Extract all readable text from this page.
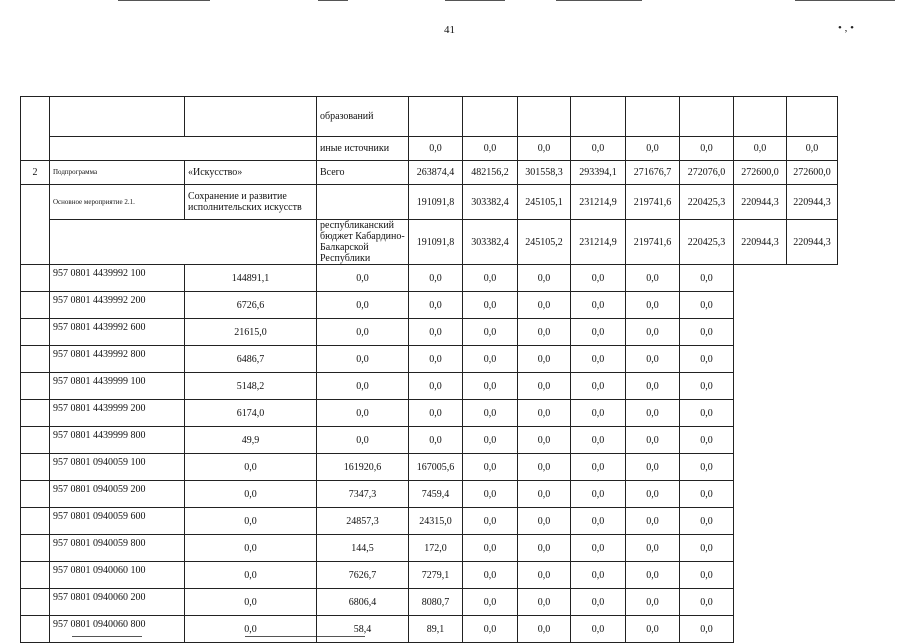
41	• , •
			образований								
			иные источники	0,0	0,0	0,0	0,0	0,0	0,0	0,0	0,0
2	Подпрограмма	«Искусство»	Всего	263874,4	482156,2	301558,3	293394,1	271676,7	272076,0	272600,0	272600,0
	Основное мероприятие 2.1.	Сохранение и развитие исполнительских искусств		191091,8	303382,4	245105,1	231214,9	219741,6	220425,3	220944,3	220944,3
			республиканский бюджет Кабардино-Балкарской Республики	191091,8	303382,4	245105,2	231214,9	219741,6	220425,3	220944,3	220944,3
	957 0801 4439992 100	144891,1	0,0	0,0	0,0	0,0	0,0	0,0	0,0		
	957 0801 4439992 200	6726,6	0,0	0,0	0,0	0,0	0,0	0,0	0,0		
	957 0801 4439992 600	21615,0	0,0	0,0	0,0	0,0	0,0	0,0	0,0		
	957 0801 4439992 800	6486,7	0,0	0,0	0,0	0,0	0,0	0,0	0,0		
	957 0801 4439999 100	5148,2	0,0	0,0	0,0	0,0	0,0	0,0	0,0		
	957 0801 4439999 200	6174,0	0,0	0,0	0,0	0,0	0,0	0,0	0,0		
	957 0801 4439999 800	49,9	0,0	0,0	0,0	0,0	0,0	0,0	0,0		
	957 0801 0940059 100	0,0	161920,6	167005,6	0,0	0,0	0,0	0,0	0,0		
	957 0801 0940059 200	0,0	7347,3	7459,4	0,0	0,0	0,0	0,0	0,0		
	957 0801 0940059 600	0,0	24857,3	24315,0	0,0	0,0	0,0	0,0	0,0		
	957 0801 0940059 800	0,0	144,5	172,0	0,0	0,0	0,0	0,0	0,0		
	957 0801 0940060 100	0,0	7626,7	7279,1	0,0	0,0	0,0	0,0	0,0		
	957 0801 0940060 200	0,0	6806,4	8080,7	0,0	0,0	0,0	0,0	0,0		
	957 0801 0940060 800	0,0	58,4	89,1	0,0	0,0	0,0	0,0	0,0		
